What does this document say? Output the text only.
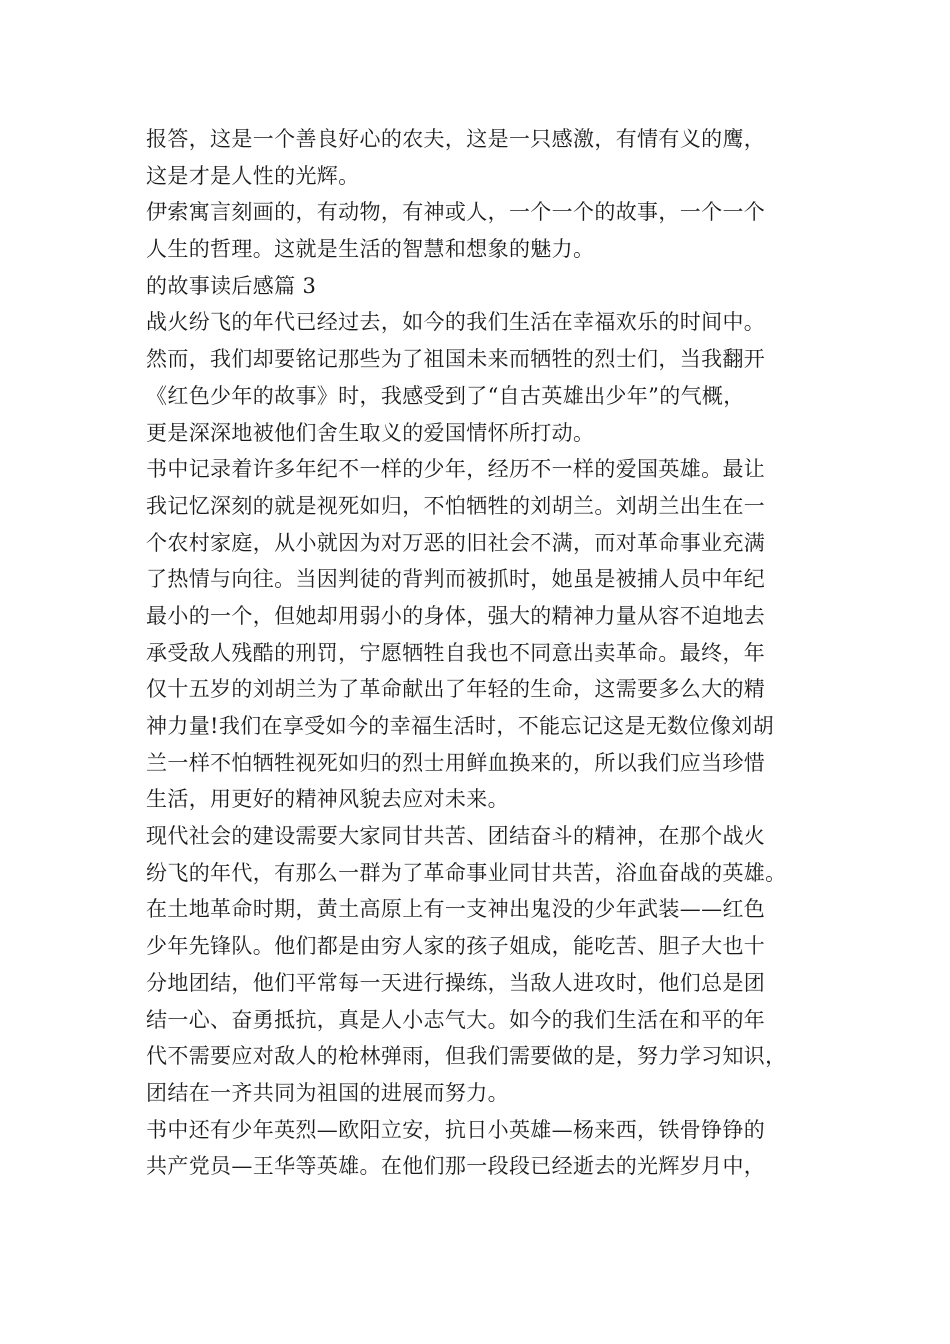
报答，这是一个善良好心的农夫，这是一只感激，有情有义的鹰，
这是才是人性的光辉。
伊索寓言刻画的，有动物，有神或人，一个一个的故事，一个一个
人生的哲理。这就是生活的智慧和想象的魅力。
的故事读后感篇 3
战火纷飞的年代已经过去，如今的我们生活在幸福欢乐的时间中。
然而，我们却要铭记那些为了祖国未来而牺牲的烈士们，当我翻开
《红色少年的故事》时，我感受到了“自古英雄出少年”的气概，
更是深深地被他们舍生取义的爱国情怀所打动。
书中记录着许多年纪不一样的少年，经历不一样的爱国英雄。最让
我记忆深刻的就是视死如归，不怕牺牲的刘胡兰。刘胡兰出生在一
个农村家庭，从小就因为对万恶的旧社会不满，而对革命事业充满
了热情与向往。当因判徒的背判而被抓时，她虽是被捕人员中年纪
最小的一个，但她却用弱小的身体，强大的精神力量从容不迫地去
承受敌人残酷的刑罚，宁愿牺牲自我也不同意出卖革命。最终，年
仅十五岁的刘胡兰为了革命献出了年轻的生命，这需要多么大的精
神力量!我们在享受如今的幸福生活时，不能忘记这是无数位像刘胡
兰一样不怕牺牲视死如归的烈士用鲜血换来的，所以我们应当珍惜
生活，用更好的精神风貌去应对未来。
现代社会的建设需要大家同甘共苦、团结奋斗的精神，在那个战火
纷飞的年代，有那么一群为了革命事业同甘共苦，浴血奋战的英雄。
在土地革命时期，黄土高原上有一支神出鬼没的少年武装——红色
少年先锋队。他们都是由穷人家的孩子姐成，能吃苦、胆子大也十
分地团结，他们平常每一天进行操练，当敌人进攻时，他们总是团
结一心、奋勇抵抗，真是人小志气大。如今的我们生活在和平的年
代不需要应对敌人的枪林弹雨，但我们需要做的是，努力学习知识，
团结在一齐共同为祖国的进展而努力。
书中还有少年英烈—欧阳立安，抗日小英雄—杨来西，铁骨铮铮的
共产党员—王华等英雄。在他们那一段段已经逝去的光辉岁月中，
